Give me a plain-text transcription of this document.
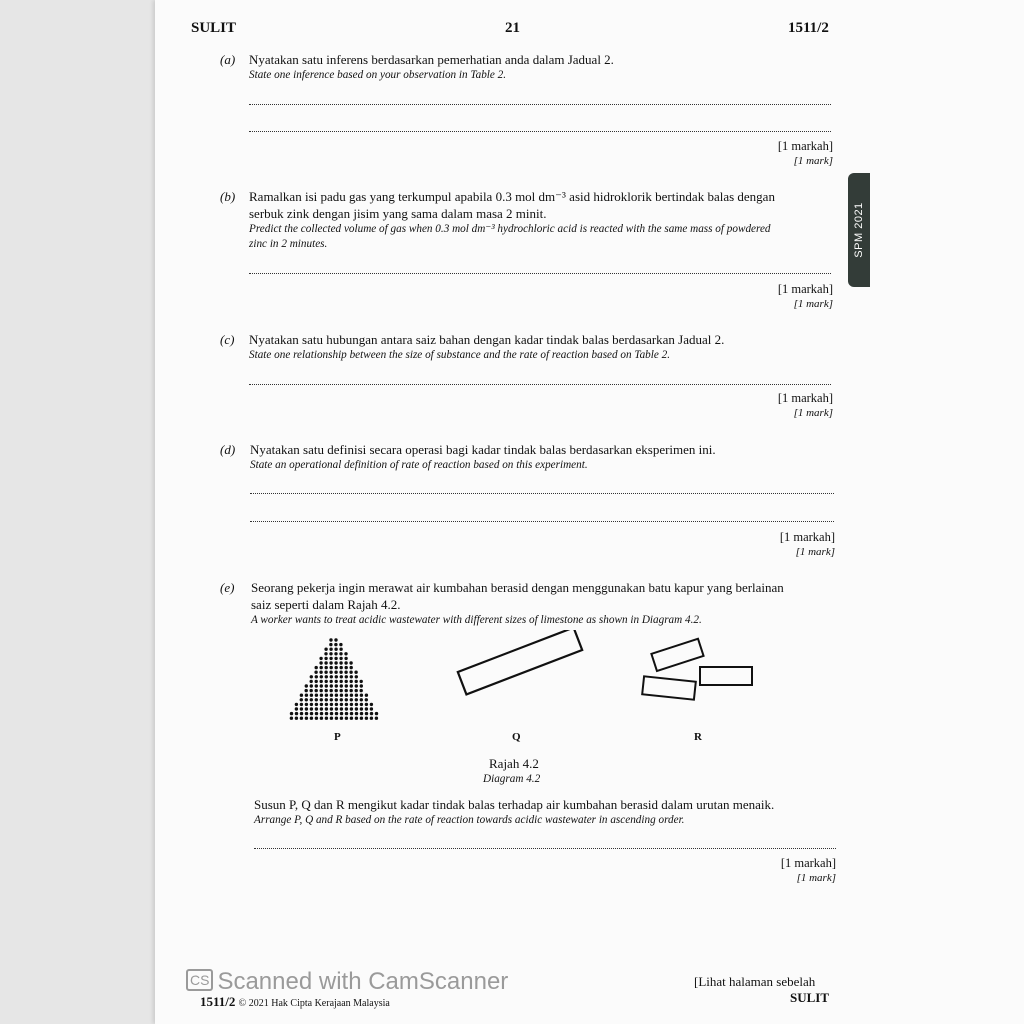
SULIT	21	1511/2
SPM 2021
(a) Nyatakan satu inferens berdasarkan pemerhatian anda dalam Jadual 2.
State one inference based on your observation in Table 2.
[1 markah]
[1 mark]
(b) Ramalkan isi padu gas yang terkumpul apabila 0.3 mol dm⁻³ asid hidroklorik bertindak balas dengan
serbuk zink dengan jisim yang sama dalam masa 2 minit.
Predict the collected volume of gas when 0.3 mol dm⁻³ hydrochloric acid is reacted with the same mass of powdered
zinc in 2 minutes.
[1 markah]
[1 mark]
(c) Nyatakan satu hubungan antara saiz bahan dengan kadar tindak balas berdasarkan Jadual 2.
State one relationship between the size of substance and the rate of reaction based on Table 2.
[1 markah]
[1 mark]
(d) Nyatakan satu definisi secara operasi bagi kadar tindak balas berdasarkan eksperimen ini.
State an operational definition of rate of reaction based on this experiment.
[1 markah]
[1 mark]
(e) Seorang pekerja ingin merawat air kumbahan berasid dengan menggunakan batu kapur yang berlainan
saiz seperti dalam Rajah 4.2.
A worker wants to treat acidic wastewater with different sizes of limestone as shown in Diagram 4.2.
P	Q	R
Rajah 4.2
Diagram 4.2
Susun P, Q dan R mengikut kadar tindak balas terhadap air kumbahan berasid dalam urutan menaik.
Arrange P, Q and R based on the rate of reaction towards acidic wastewater in ascending order.
[1 markah]
[1 mark]
CS Scanned with CamScanner
1511/2 © 2021 Hak Cipta Kerajaan Malaysia
[Lihat halaman sebelah
SULIT
